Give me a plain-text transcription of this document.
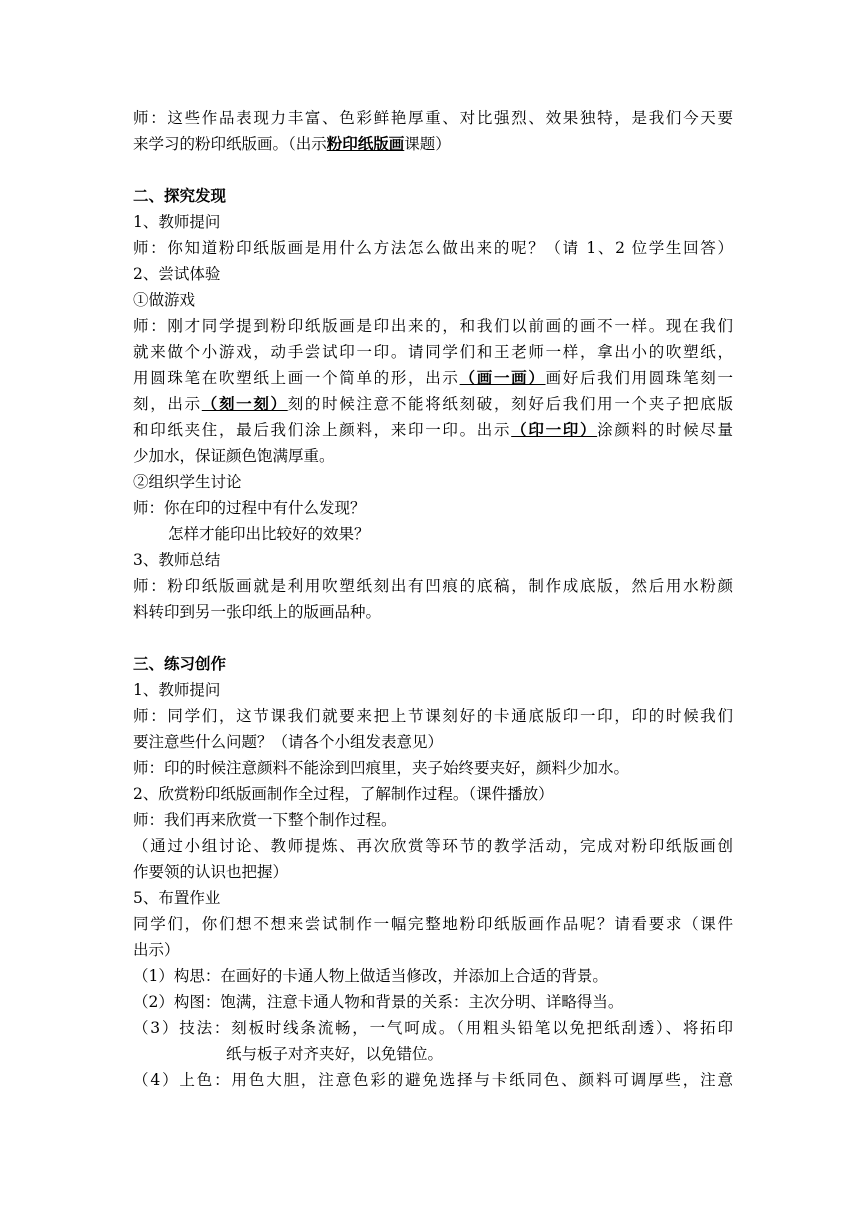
师：这些作品表现力丰富、色彩鲜艳厚重、对比强烈、效果独特，是我们今天要
来学习的粉印纸版画。（出示粉印纸版画课题）
二、探究发现
1、教师提问
师：你知道粉印纸版画是用什么方法怎么做出来的呢？（请 1、2 位学生回答）
2、尝试体验
①做游戏
师：刚才同学提到粉印纸版画是印出来的，和我们以前画的画不一样。现在我们
就来做个小游戏，动手尝试印一印。请同学们和王老师一样，拿出小的吹塑纸，
用圆珠笔在吹塑纸上画一个简单的形，出示（画一画）画好后我们用圆珠笔刻一
刻，出示（刻一刻）刻的时候注意不能将纸刻破，刻好后我们用一个夹子把底版
和印纸夹住，最后我们涂上颜料，来印一印。出示（印一印）涂颜料的时候尽量
少加水，保证颜色饱满厚重。
②组织学生讨论
师：你在印的过程中有什么发现？
怎样才能印出比较好的效果？
3、教师总结
师：粉印纸版画就是利用吹塑纸刻出有凹痕的底稿，制作成底版，然后用水粉颜
料转印到另一张印纸上的版画品种。
三、练习创作
1、教师提问
师：同学们，这节课我们就要来把上节课刻好的卡通底版印一印，印的时候我们
要注意些什么问题？（请各个小组发表意见）
师：印的时候注意颜料不能涂到凹痕里，夹子始终要夹好，颜料少加水。
2、欣赏粉印纸版画制作全过程，了解制作过程。（课件播放）
师：我们再来欣赏一下整个制作过程。
（通过小组讨论、教师提炼、再次欣赏等环节的教学活动，完成对粉印纸版画创
作要领的认识也把握）
5、布置作业
同学们，你们想不想来尝试制作一幅完整地粉印纸版画作品呢？请看要求（课件
出示）
（1）构思：在画好的卡通人物上做适当修改，并添加上合适的背景。
（2）构图：饱满，注意卡通人物和背景的关系：主次分明、详略得当。
（3）技法：刻板时线条流畅，一气呵成。（用粗头铅笔以免把纸刮透）、将拓印
纸与板子对齐夹好，以免错位。
（4）上色：用色大胆，注意色彩的避免选择与卡纸同色、颜料可调厚些，注意
